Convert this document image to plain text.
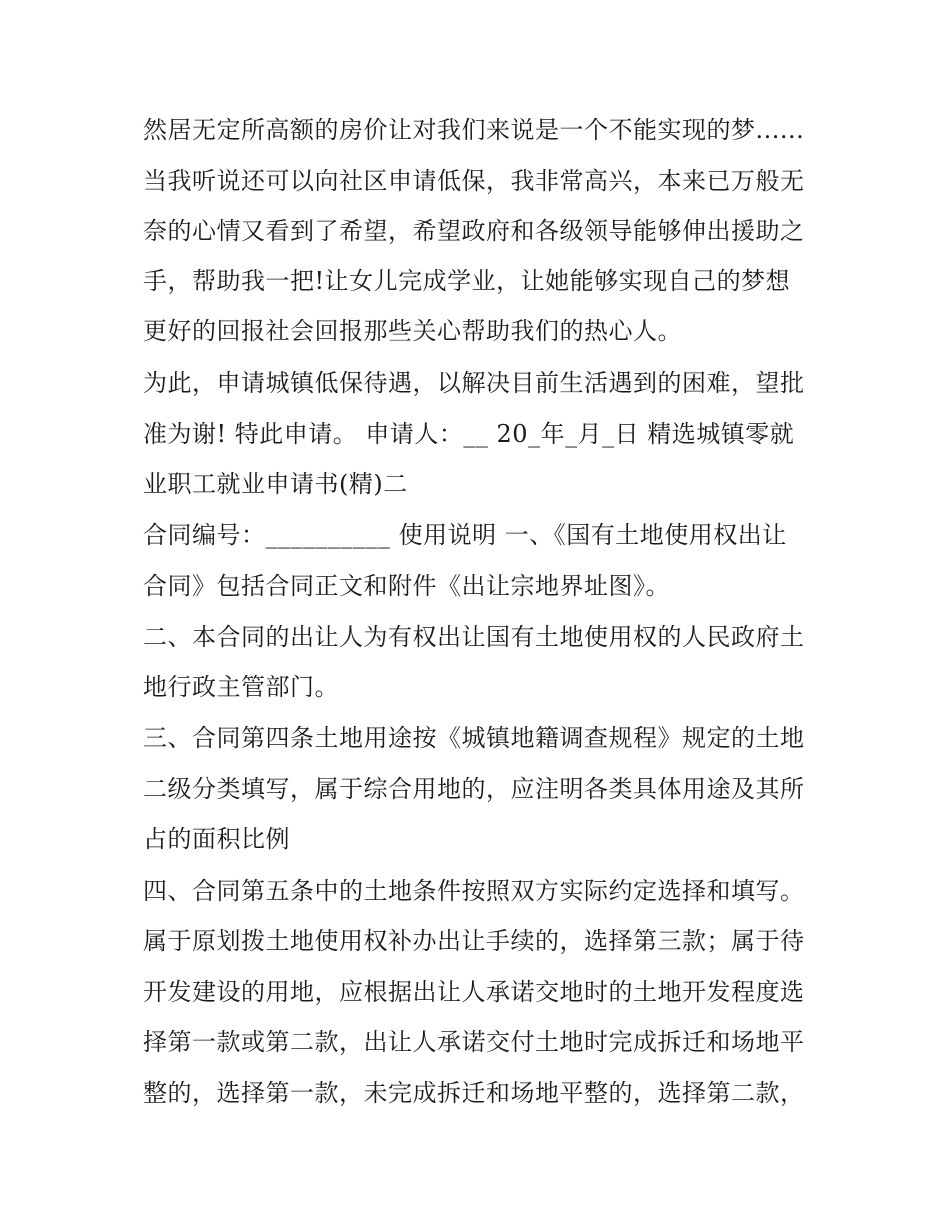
然居无定所高额的房价让对我们来说是一个不能实现的梦......

当我听说还可以向社区申请低保，我非常高兴，本来已万般无

奈的心情又看到了希望，希望政府和各级领导能够伸出援助之

手，帮助我一把!让女儿完成学业，让她能够实现自己的梦想

更好的回报社会回报那些关心帮助我们的热心人。

为此，申请城镇低保待遇，以解决目前生活遇到的困难，望批

准为谢! 特此申请。 申请人：__ 20_年_月_日 精选城镇零就

业职工就业申请书(精)二

合同编号：__________ 使用说明 一、《国有土地使用权出让

合同》包括合同正文和附件《出让宗地界址图》。

二、本合同的出让人为有权出让国有土地使用权的人民政府土

地行政主管部门。

三、合同第四条土地用途按《城镇地籍调查规程》规定的土地

二级分类填写，属于综合用地的，应注明各类具体用途及其所

占的面积比例

四、合同第五条中的土地条件按照双方实际约定选择和填写。

属于原划拨土地使用权补办出让手续的，选择第三款；属于待

开发建设的用地，应根据出让人承诺交地时的土地开发程度选

择第一款或第二款，出让人承诺交付土地时完成拆迁和场地平

整的，选择第一款，未完成拆迁和场地平整的，选择第二款，
